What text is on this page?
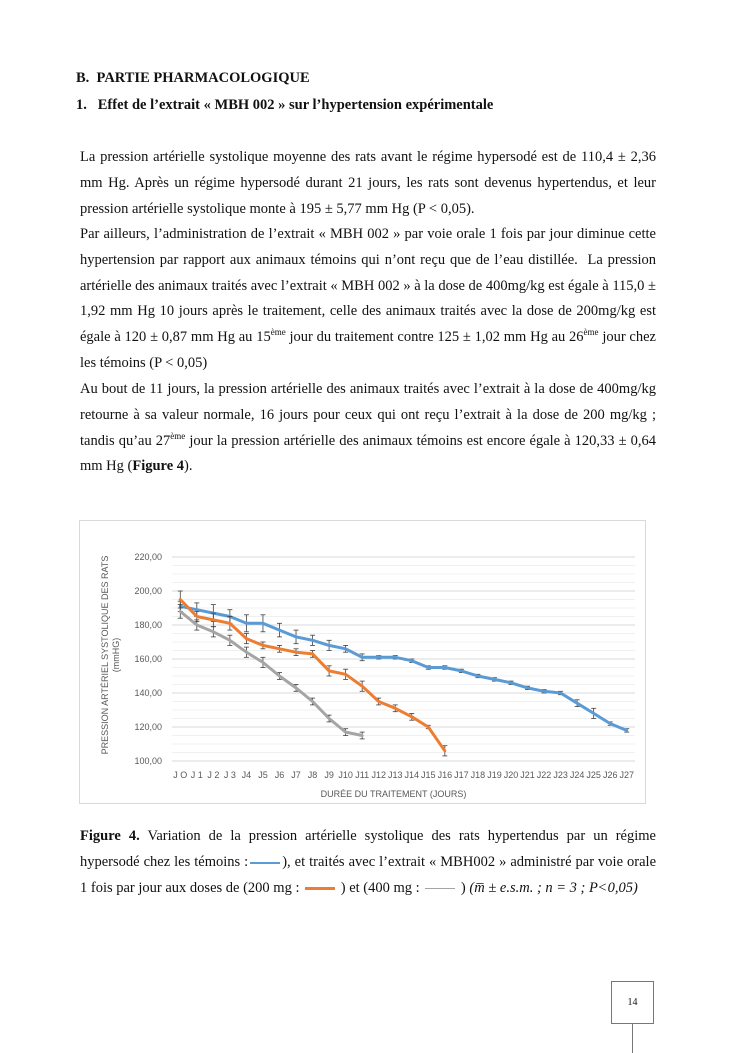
B.  PARTIE PHARMACOLOGIQUE
1.   Effet de l’extrait « MBH 002 » sur l’hypertension expérimentale

La pression artérielle systolique moyenne des rats avant le régime hypersodé est de 110,4 ± 2,36 mm Hg. Après un régime hypersodé durant 21 jours, les rats sont devenus hypertendus, et leur pression artérielle systolique monte à 195 ± 5,77 mm Hg (P ˂ 0,05).

Par ailleurs, l’administration de l’extrait « MBH 002 » par voie orale 1 fois par jour diminue cette hypertension par rapport aux animaux témoins qui n’ont reçu que de l’eau distillée.  La pression artérielle des animaux traités avec l’extrait « MBH 002 » à la dose de 400mg/kg est égale à 115,0 ± 1,92 mm Hg 10 jours après le traitement, celle des animaux traités avec la dose de 200mg/kg est égale à 120 ± 0,87 mm Hg au 15ème jour du traitement contre 125 ± 1,02 mm Hg au 26ème jour chez les témoins (P ˂ 0,05)

Au bout de 11 jours, la pression artérielle des animaux traités avec l’extrait à la dose de 400mg/kg retourne à sa valeur normale, 16 jours pour ceux qui ont reçu l’extrait à la dose de 200 mg/kg ; tandis qu’au 27ème jour la pression artérielle des animaux témoins est encore égale à 120,33 ± 0,64 mm Hg (Figure 4).

100,00
120,00
140,00
160,00
180,00
200,00
220,00
J O J 1 J 2 J 3 J4 J5 J6 J7 J8 J9 J10 J11 J12 J13 J14 J15 J16 J17 J18 J19 J20 J21 J22 J23 J24 J25 J26 J27
DURÉE DU TRAITEMENT (JOURS)
PRESSION ARTÉRIEL SYSTOLIQUE DES RATS(mmHG)

Figure 4. Variation de la pression artérielle systolique des rats hypertendus par un régime hypersodé chez les témoins : ), et traités avec l’extrait « MBH002 » administré par voie orale 1 fois par jour aux doses de (200 mg :  ) et (400 mg :  ) (m̅ ± e.s.m. ; n = 3 ; P˂0,05)

14
